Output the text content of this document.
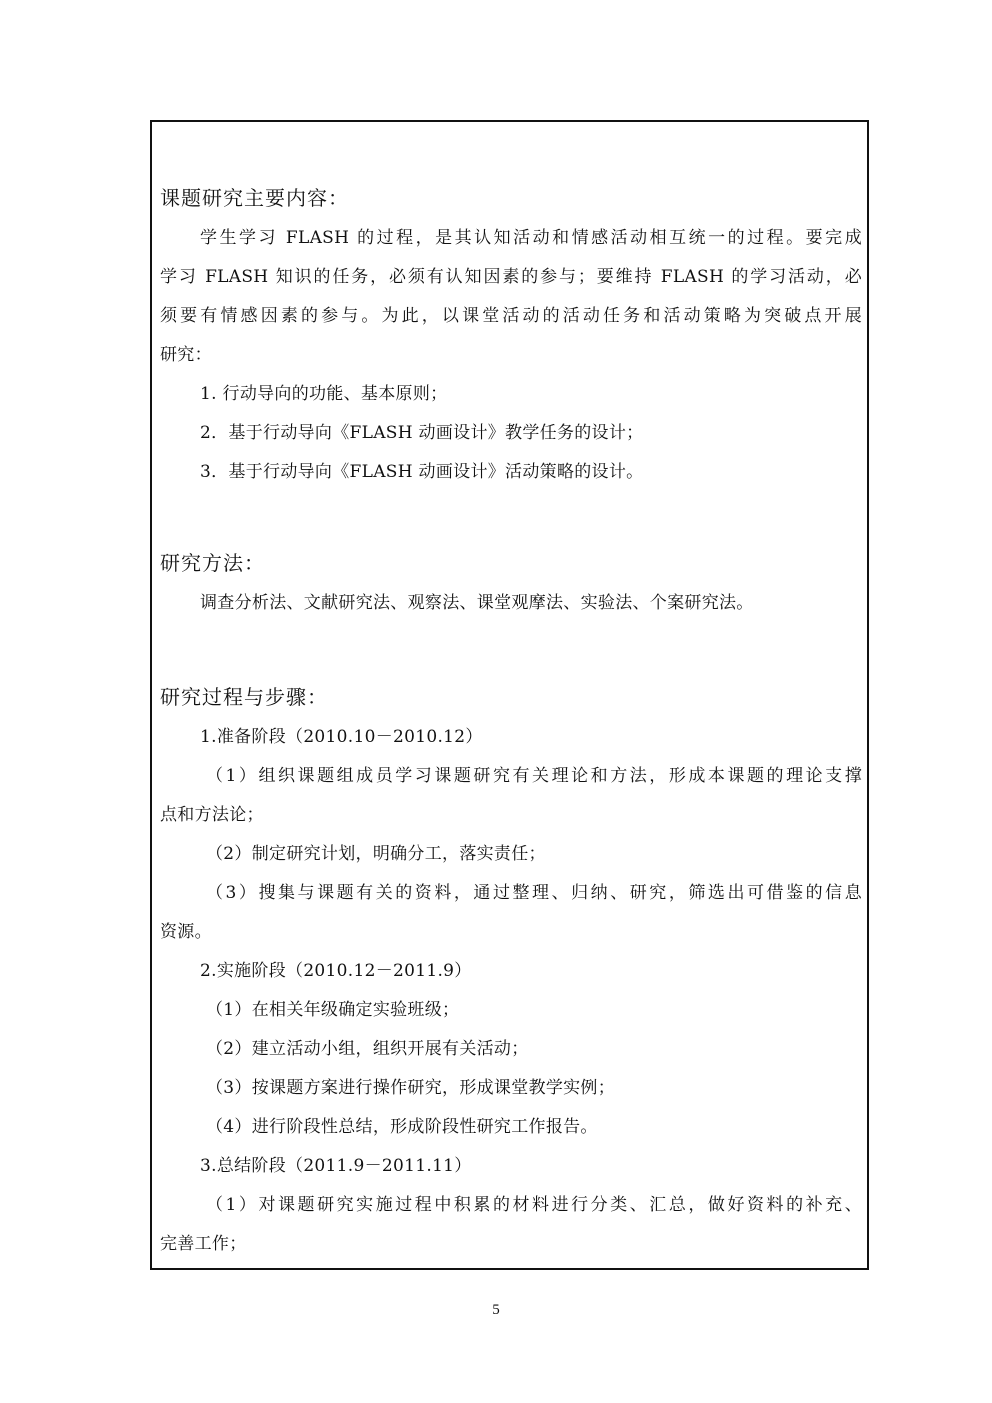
课题研究主要内容：
学生学习 FLASH 的过程，是其认知活动和情感活动相互统一的过程。要完成
学习 FLASH 知识的任务，必须有认知因素的参与；要维持 FLASH 的学习活动，必
须要有情感因素的参与。为此，以课堂活动的活动任务和活动策略为突破点开展
研究：
1. 行动导向的功能、基本原则；
2．基于行动导向《FLASH 动画设计》教学任务的设计；
3．基于行动导向《FLASH 动画设计》活动策略的设计。
研究方法：
调查分析法、文献研究法、观察法、课堂观摩法、实验法、个案研究法。
研究过程与步骤：
1.准备阶段（2010.10－2010.12）
（1）组织课题组成员学习课题研究有关理论和方法，形成本课题的理论支撑
点和方法论；
（2）制定研究计划，明确分工，落实责任；
（3）搜集与课题有关的资料，通过整理、归纳、研究，筛选出可借鉴的信息
资源。
2.实施阶段（2010.12－2011.9）
（1）在相关年级确定实验班级；
（2）建立活动小组，组织开展有关活动；
（3）按课题方案进行操作研究，形成课堂教学实例；
（4）进行阶段性总结，形成阶段性研究工作报告。
3.总结阶段（2011.9－2011.11）
（1）对课题研究实施过程中积累的材料进行分类、汇总，做好资料的补充、
完善工作；
5
